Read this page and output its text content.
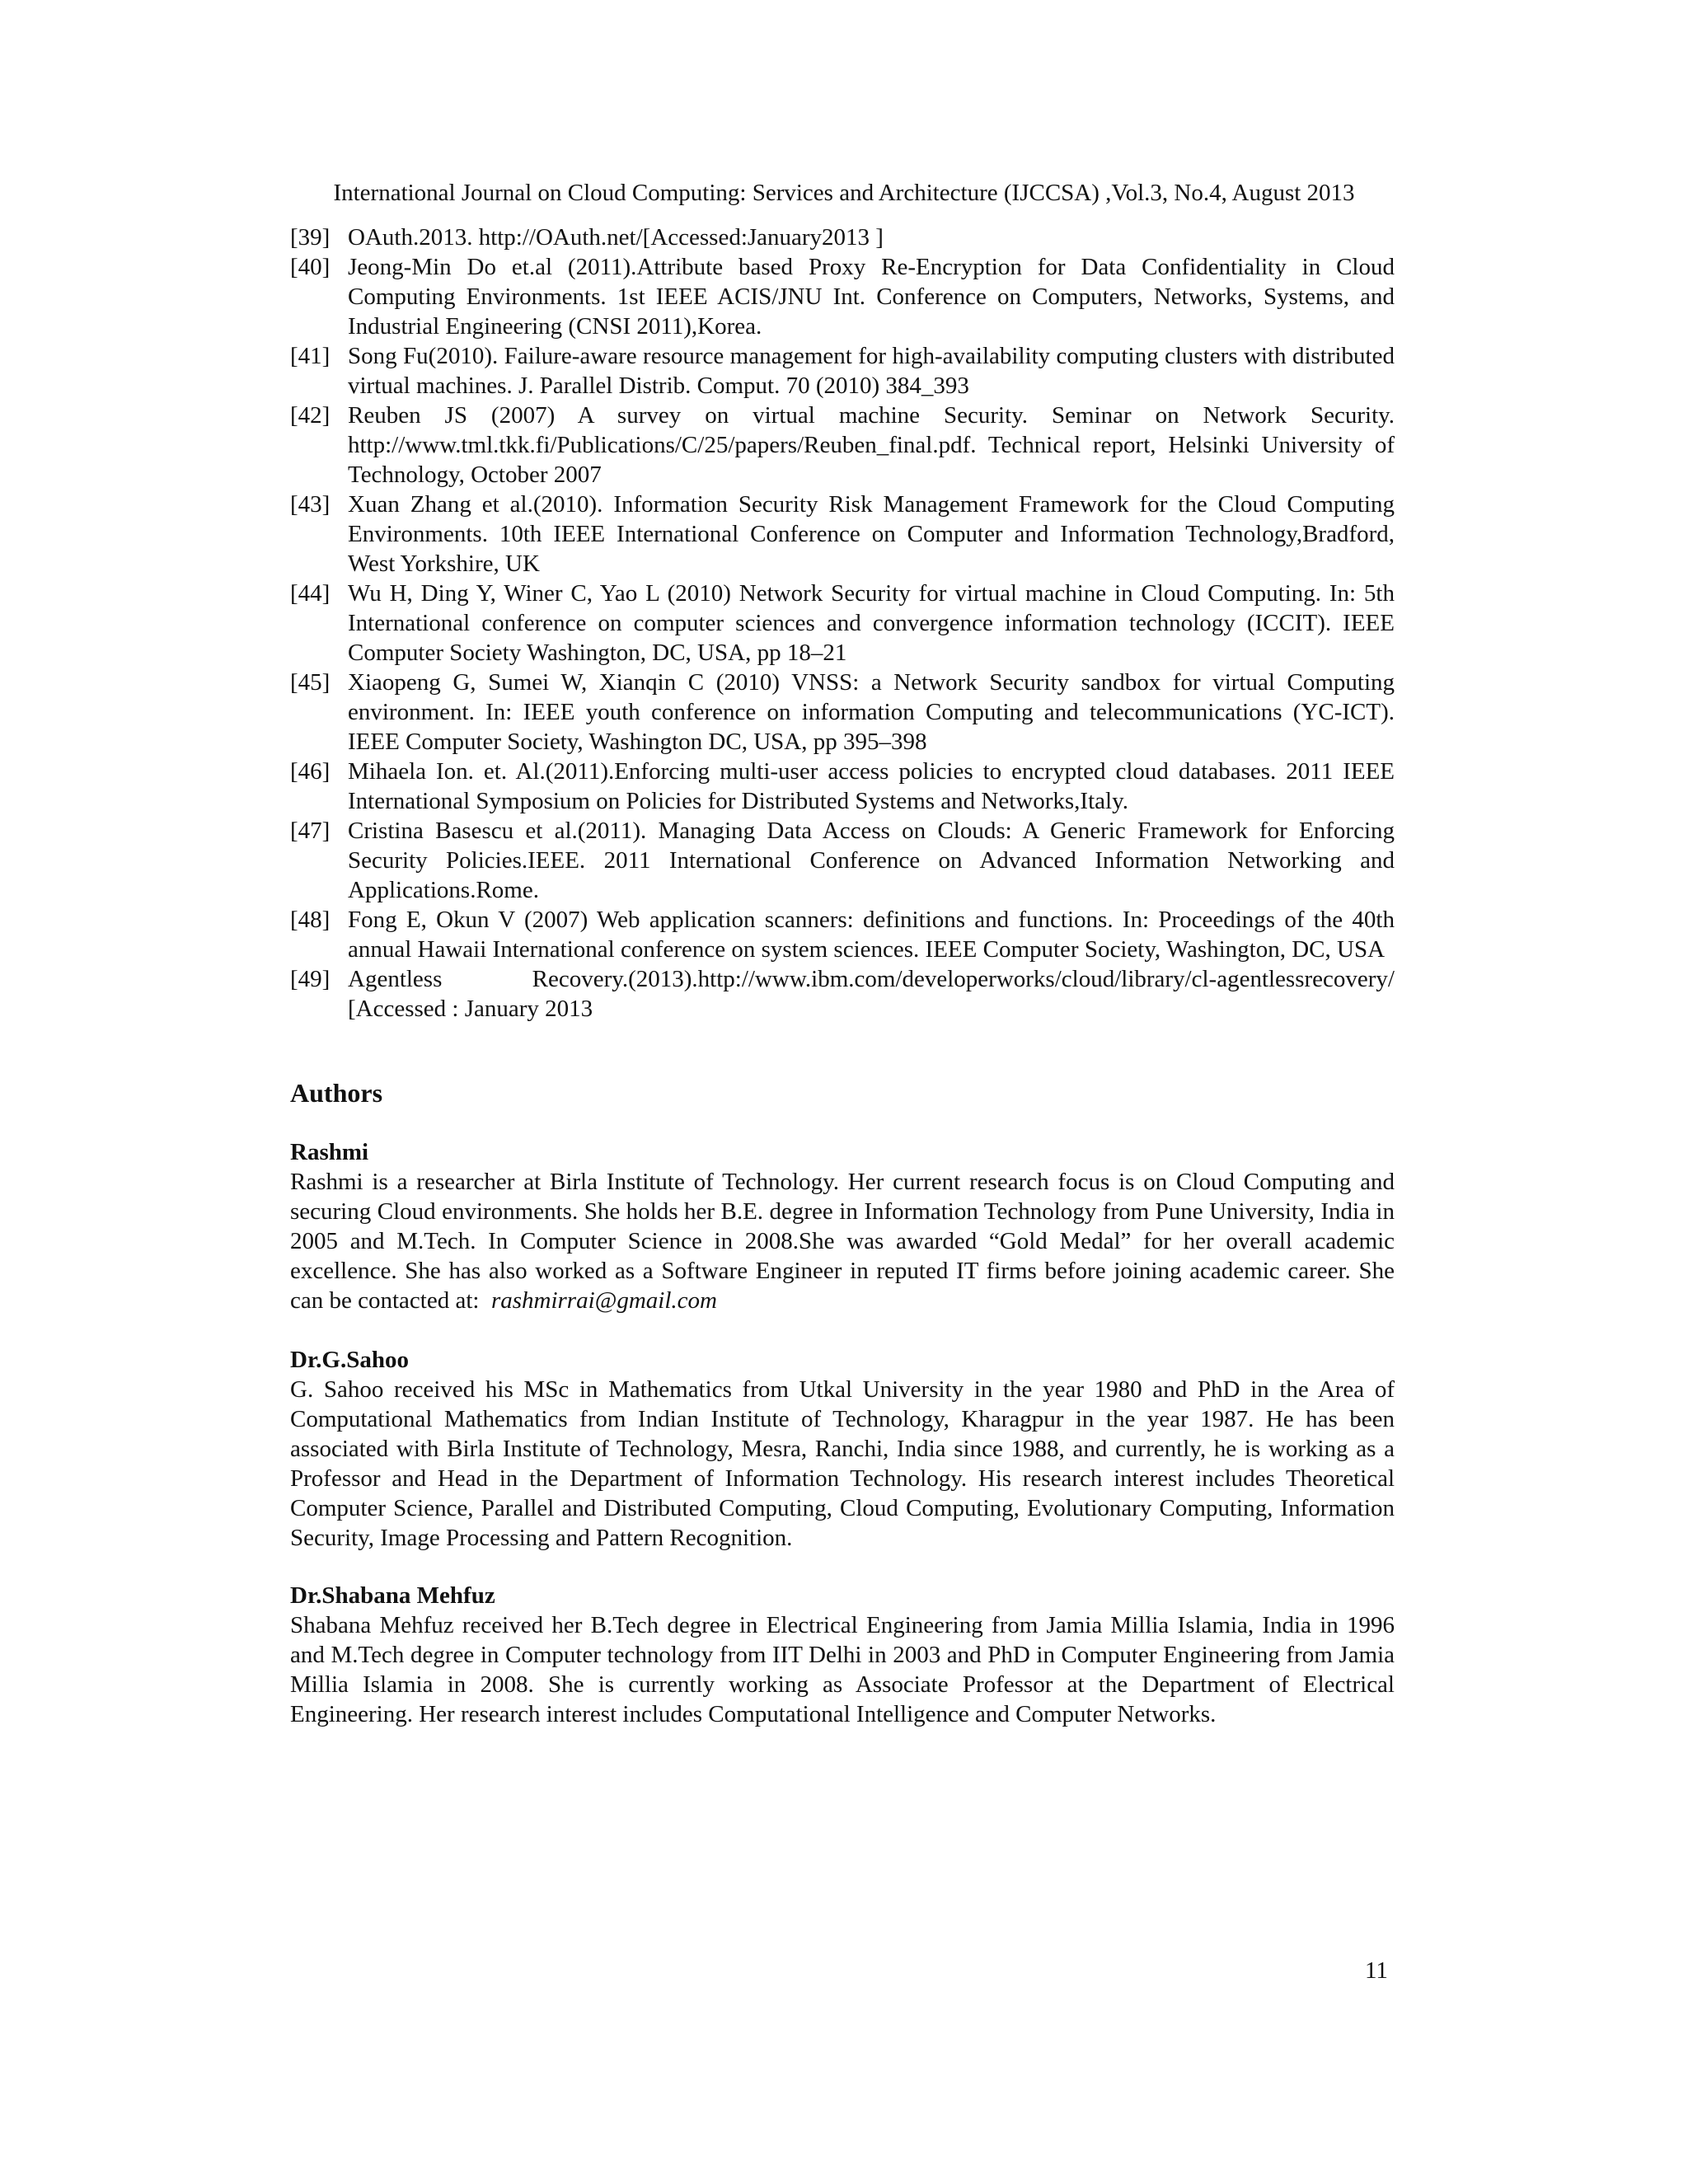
International Journal on Cloud Computing: Services and Architecture (IJCCSA) ,Vol.3, No.4, August 2013
[39] OAuth.2013. http://OAuth.net/[Accessed:January2013 ]
[40] Jeong-Min Do et.al (2011).Attribute based Proxy Re-Encryption for Data Confidentiality in Cloud Computing Environments. 1st IEEE ACIS/JNU Int. Conference on Computers, Networks, Systems, and Industrial Engineering (CNSI 2011),Korea.
[41] Song Fu(2010). Failure-aware resource management for high-availability computing clusters with distributed virtual machines. J. Parallel Distrib. Comput. 70 (2010) 384_393
[42] Reuben JS (2007) A survey on virtual machine Security. Seminar on Network Security. http://www.tml.tkk.fi/Publications/C/25/papers/Reuben_final.pdf. Technical report, Helsinki University of Technology, October 2007
[43] Xuan Zhang et al.(2010). Information Security Risk Management Framework for the Cloud Computing Environments. 10th IEEE International Conference on Computer and Information Technology,Bradford, West Yorkshire, UK
[44] Wu H, Ding Y, Winer C, Yao L (2010) Network Security for virtual machine in Cloud Computing. In: 5th International conference on computer sciences and convergence information technology (ICCIT). IEEE Computer Society Washington, DC, USA, pp 18–21
[45] Xiaopeng G, Sumei W, Xianqin C (2010) VNSS: a Network Security sandbox for virtual Computing environment. In: IEEE youth conference on information Computing and telecommunications (YC-ICT). IEEE Computer Society, Washington DC, USA, pp 395–398
[46] Mihaela Ion. et. Al.(2011).Enforcing multi-user access policies to encrypted cloud databases. 2011 IEEE International Symposium on Policies for Distributed Systems and Networks,Italy.
[47] Cristina Basescu et al.(2011). Managing Data Access on Clouds: A Generic Framework for Enforcing Security Policies.IEEE. 2011 International Conference on Advanced Information Networking and Applications.Rome.
[48] Fong E, Okun V (2007) Web application scanners: definitions and functions. In: Proceedings of the 40th annual Hawaii International conference on system sciences. IEEE Computer Society, Washington, DC, USA
[49] Agentless Recovery.(2013).http://www.ibm.com/developerworks/cloud/library/cl-agentlessrecovery/ [Accessed : January 2013
Authors
Rashmi
Rashmi is a researcher at Birla Institute of Technology. Her current research focus is on Cloud Computing and securing Cloud environments. She holds her B.E. degree in Information Technology from Pune University, India in 2005 and M.Tech. In Computer Science in 2008.She was awarded “Gold Medal” for her overall academic excellence. She has also worked as a Software Engineer in reputed IT firms before joining academic career. She can be contacted at: rashmirrai@gmail.com
Dr.G.Sahoo
G. Sahoo received his MSc in Mathematics from Utkal University in the year 1980 and PhD in the Area of Computational Mathematics from Indian Institute of Technology, Kharagpur in the year 1987. He has been associated with Birla Institute of Technology, Mesra, Ranchi, India since 1988, and currently, he is working as a Professor and Head in the Department of Information Technology. His research interest includes Theoretical Computer Science, Parallel and Distributed Computing, Cloud Computing, Evolutionary Computing, Information Security, Image Processing and Pattern Recognition.
Dr.Shabana Mehfuz
Shabana Mehfuz received her B.Tech degree in Electrical Engineering from Jamia Millia Islamia, India in 1996 and M.Tech degree in Computer technology from IIT Delhi in 2003 and PhD in Computer Engineering from Jamia Millia Islamia in 2008. She is currently working as Associate Professor at the Department of Electrical Engineering. Her research interest includes Computational Intelligence and Computer Networks.
11
